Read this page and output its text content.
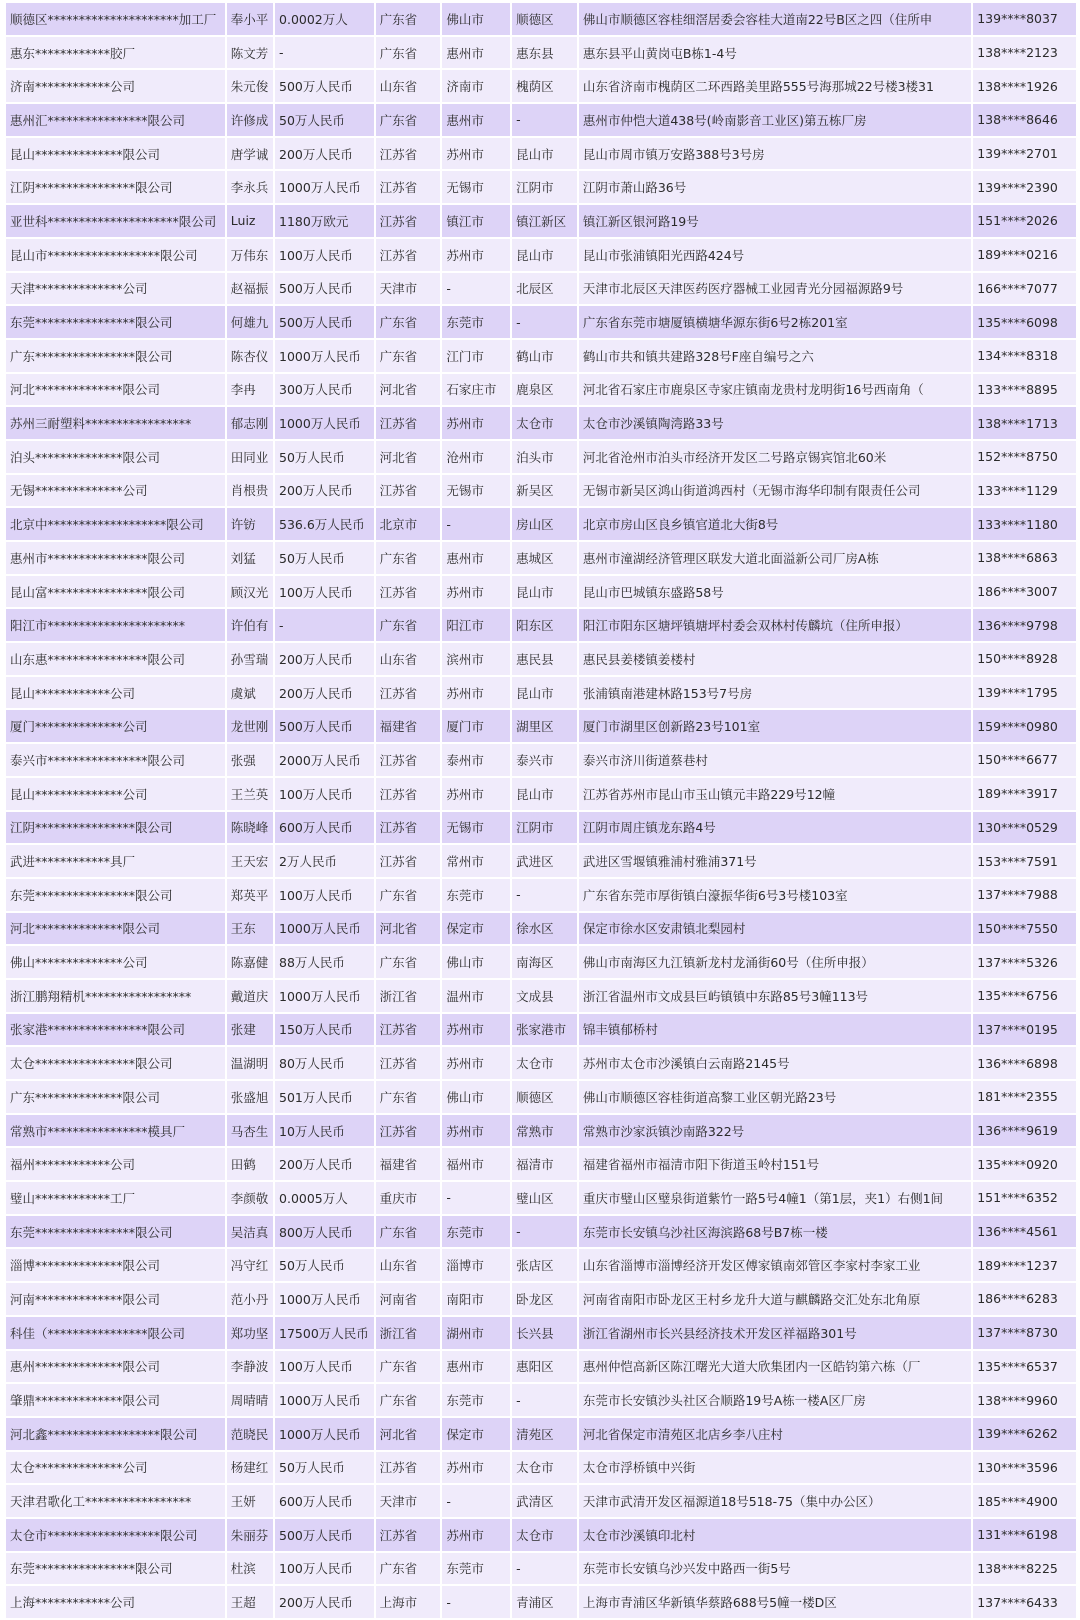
顺德区*********************加工厂	奉小平	0.0002万人	广东省	佛山市	顺德区	佛山市顺德区容桂细滘居委会容桂大道南22号B区之四（住所申	139****8037
惠东************胶厂	陈文芳	-	广东省	惠州市	惠东县	惠东县平山黄岗屯B栋1-4号	138****2123
济南************公司	朱元俊	500万人民币	山东省	济南市	槐荫区	山东省济南市槐荫区二环西路美里路555号海那城22号楼3楼31	138****1926
惠州汇****************限公司	许修成	50万人民币	广东省	惠州市	-	惠州市仲恺大道438号(岭南影音工业区)第五栋厂房	138****8646
昆山**************限公司	唐学诚	200万人民币	江苏省	苏州市	昆山市	昆山市周市镇万安路388号3号房	139****2701
江阴****************限公司	李永兵	1000万人民币	江苏省	无锡市	江阴市	江阴市萧山路36号	139****2390
亚世科*********************限公司	Luiz	1180万欧元	江苏省	镇江市	镇江新区	镇江新区银河路19号	151****2026
昆山市******************限公司	万伟东	100万人民币	江苏省	苏州市	昆山市	昆山市张浦镇阳光西路424号	189****0216
天津**************公司	赵福振	500万人民币	天津市	-	北辰区	天津市北辰区天津医药医疗器械工业园青光分园福源路9号	166****7077
东莞****************限公司	何雄九	500万人民币	广东省	东莞市	-	广东省东莞市塘厦镇横塘华源东街6号2栋201室	135****6098
广东****************限公司	陈杏仪	1000万人民币	广东省	江门市	鹤山市	鹤山市共和镇共建路328号F座自编号之六	134****8318
河北**************限公司	李冉	300万人民币	河北省	石家庄市	鹿泉区	河北省石家庄市鹿泉区寺家庄镇南龙贵村龙明街16号西南角（	133****8895
苏州三耐塑料*****************	郁志刚	1000万人民币	江苏省	苏州市	太仓市	太仓市沙溪镇陶湾路33号	138****1713
泊头**************限公司	田同业	50万人民币	河北省	沧州市	泊头市	河北省沧州市泊头市经济开发区二号路京锡宾馆北60米	152****8750
无锡**************公司	肖根贵	200万人民币	江苏省	无锡市	新吴区	无锡市新吴区鸿山街道鸿西村（无锡市海华印制有限责任公司	133****1129
北京中*******************限公司	许钫	536.6万人民币	北京市	-	房山区	北京市房山区良乡镇官道北大街8号	133****1180
惠州市****************限公司	刘猛	50万人民币	广东省	惠州市	惠城区	惠州市潼湖经济管理区联发大道北面溢新公司厂房A栋	138****6863
昆山富****************限公司	顾汉光	100万人民币	江苏省	苏州市	昆山市	昆山市巴城镇东盛路58号	186****3007
阳江市**********************	许伯有	-	广东省	阳江市	阳东区	阳江市阳东区塘坪镇塘坪村委会双林村传麟坑（住所申报）	136****9798
山东惠****************限公司	孙雪瑞	200万人民币	山东省	滨州市	惠民县	惠民县姜楼镇姜楼村	150****8928
昆山************公司	虞斌	200万人民币	江苏省	苏州市	昆山市	张浦镇南港建林路153号7号房	139****1795
厦门**************公司	龙世刚	500万人民币	福建省	厦门市	湖里区	厦门市湖里区创新路23号101室	159****0980
泰兴市****************限公司	张强	2000万人民币	江苏省	泰州市	泰兴市	泰兴市济川街道蔡巷村	150****6677
昆山**************公司	王兰英	100万人民币	江苏省	苏州市	昆山市	江苏省苏州市昆山市玉山镇元丰路229号12幢	189****3917
江阴****************限公司	陈晓峰	600万人民币	江苏省	无锡市	江阴市	江阴市周庄镇龙东路4号	130****0529
武进************具厂	王天宏	2万人民币	江苏省	常州市	武进区	武进区雪堰镇雅浦村雅浦371号	153****7591
东莞****************限公司	郑英平	100万人民币	广东省	东莞市	-	广东省东莞市厚街镇白濠振华街6号3号楼103室	137****7988
河北**************限公司	王东	1000万人民币	河北省	保定市	徐水区	保定市徐水区安肃镇北梨园村	150****7550
佛山**************公司	陈嘉健	88万人民币	广东省	佛山市	南海区	佛山市南海区九江镇新龙村龙涌街60号（住所申报）	137****5326
浙江鹏翔精机*****************	戴道庆	1000万人民币	浙江省	温州市	文成县	浙江省温州市文成县巨屿镇镇中东路85号3幢113号	135****6756
张家港****************限公司	张建	150万人民币	江苏省	苏州市	张家港市	锦丰镇郁桥村	137****0195
太仓****************限公司	温湖明	80万人民币	江苏省	苏州市	太仓市	苏州市太仓市沙溪镇白云南路2145号	136****6898
广东**************限公司	张盛旭	501万人民币	广东省	佛山市	顺德区	佛山市顺德区容桂街道高黎工业区朝光路23号	181****2355
常熟市****************模具厂	马杏生	10万人民币	江苏省	苏州市	常熟市	常熟市沙家浜镇沙南路322号	136****9619
福州************公司	田鹤	200万人民币	福建省	福州市	福清市	福建省福州市福清市阳下街道玉岭村151号	135****0920
璧山************工厂	李颜敬	0.0005万人	重庆市	-	璧山区	重庆市璧山区璧泉街道紫竹一路5号4幢1（第1层，夹1）右侧1间	151****6352
东莞****************限公司	吴洁真	800万人民币	广东省	东莞市	-	东莞市长安镇乌沙社区海滨路68号B7栋一楼	136****4561
淄博**************限公司	冯守红	50万人民币	山东省	淄博市	张店区	山东省淄博市淄博经济开发区傅家镇南郊管区李家村李家工业	189****1237
河南**************限公司	范小丹	1000万人民币	河南省	南阳市	卧龙区	河南省南阳市卧龙区王村乡龙升大道与麒麟路交汇处东北角原	186****6283
科佳（****************限公司	郑功坚	17500万人民币	浙江省	湖州市	长兴县	浙江省湖州市长兴县经济技术开发区祥福路301号	137****8730
惠州**************限公司	李静波	100万人民币	广东省	惠州市	惠阳区	惠州仲恺高新区陈江曙光大道大欣集团内一区皓钧第六栋（厂	135****6537
肇鼎**************限公司	周晴晴	1000万人民币	广东省	东莞市	-	东莞市长安镇沙头社区合顺路19号A栋一楼A区厂房	138****9960
河北鑫******************限公司	范晓民	1000万人民币	河北省	保定市	清苑区	河北省保定市清苑区北店乡李八庄村	139****6262
太仓**************公司	杨建红	50万人民币	江苏省	苏州市	太仓市	太仓市浮桥镇中兴街	130****3596
天津君歌化工*****************	王妍	600万人民币	天津市	-	武清区	天津市武清开发区福源道18号518-75（集中办公区）	185****4900
太仓市******************限公司	朱丽芬	500万人民币	江苏省	苏州市	太仓市	太仓市沙溪镇印北村	131****6198
东莞****************限公司	杜滨	100万人民币	广东省	东莞市	-	东莞市长安镇乌沙兴发中路西一街5号	138****8225
上海************公司	王超	200万人民币	上海市	-	青浦区	上海市青浦区华新镇华蔡路688号5幢一楼D区	137****6433
